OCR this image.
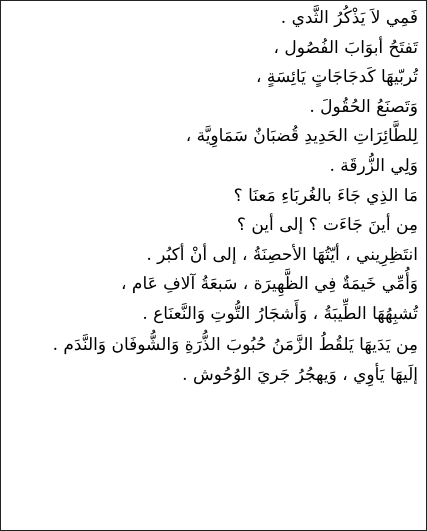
فَمِي لاَ يَذْكُرُ الثَّدي .
تَفتَحُ أبوَابَ الفُصُول ،
تُربّيهَا كَدجَاجَاتٍ يَائِسَةٍ ،
وَتَصنَعُ الحُقُولَ .
لِلطَّائِرَاتِ الحَدِيدِ قُضبَانٌ سَمَاوِيَّة ،
وَلِي الزُّرقَة .
مَا الذِي جَاءَ بالغُربَاءِ مَعنَا ؟
مِن أينَ جَاءَت ؟ إلى أين ؟
انتَظِرِيني ، أيّتُهَا الأحصِنَةُ ، إلى أنْ أكبُر .
وَأُمِّي خَيمَةٌ فِي الظَّهِيرَة ، سَبعَةُ آلافِ عَام ،
تُشبِهُهَا الطِّيبَةُ ، وَأَشجَارُ التُّوتِ وَالنَّعنَاع .
مِن يَدَيهَا يَلقُطُ الزَّمَنُ حُبُوبَ الذُّرَةِ وَالشُّوفَان وَالنَّدَم .
إلَيهَا يَأوِي ، وَيهجُرُ جَريَ الوُحُوش .
